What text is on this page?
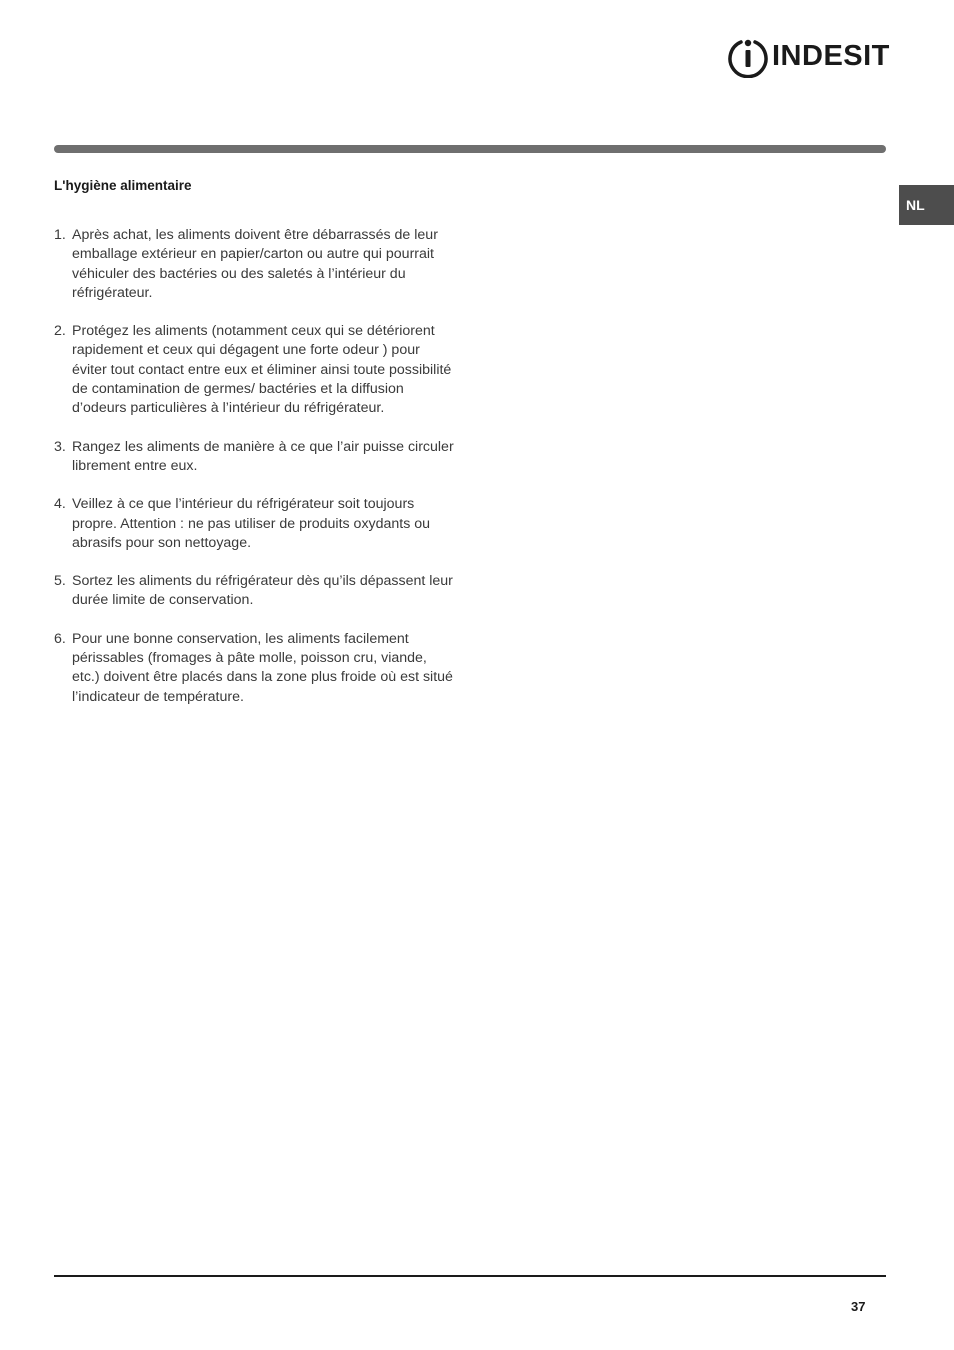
INDESIT
NL
L'hygiène alimentaire
1. Après achat, les aliments doivent être débarrassés de leur emballage extérieur en papier/carton ou autre qui pourrait véhiculer des bactéries ou des saletés à l’intérieur du réfrigérateur.
2. Protégez les aliments (notamment ceux qui se détériorent rapidement et ceux qui dégagent une forte odeur ) pour éviter tout contact entre eux et éliminer ainsi toute possibilité de contamination de germes/ bactéries et la diffusion d’odeurs particulières à l’intérieur du réfrigérateur.
3. Rangez les aliments de manière à ce que l’air puisse circuler librement entre eux.
4. Veillez à ce que l’intérieur du réfrigérateur soit toujours propre. Attention : ne pas utiliser de produits oxydants ou abrasifs pour son nettoyage.
5. Sortez les aliments du réfrigérateur dès qu’ils dépassent leur durée limite de conservation.
6. Pour une bonne conservation, les aliments facilement périssables (fromages à pâte molle, poisson cru, viande, etc.) doivent être placés dans la zone plus froide où est situé l’indicateur de température.
37
